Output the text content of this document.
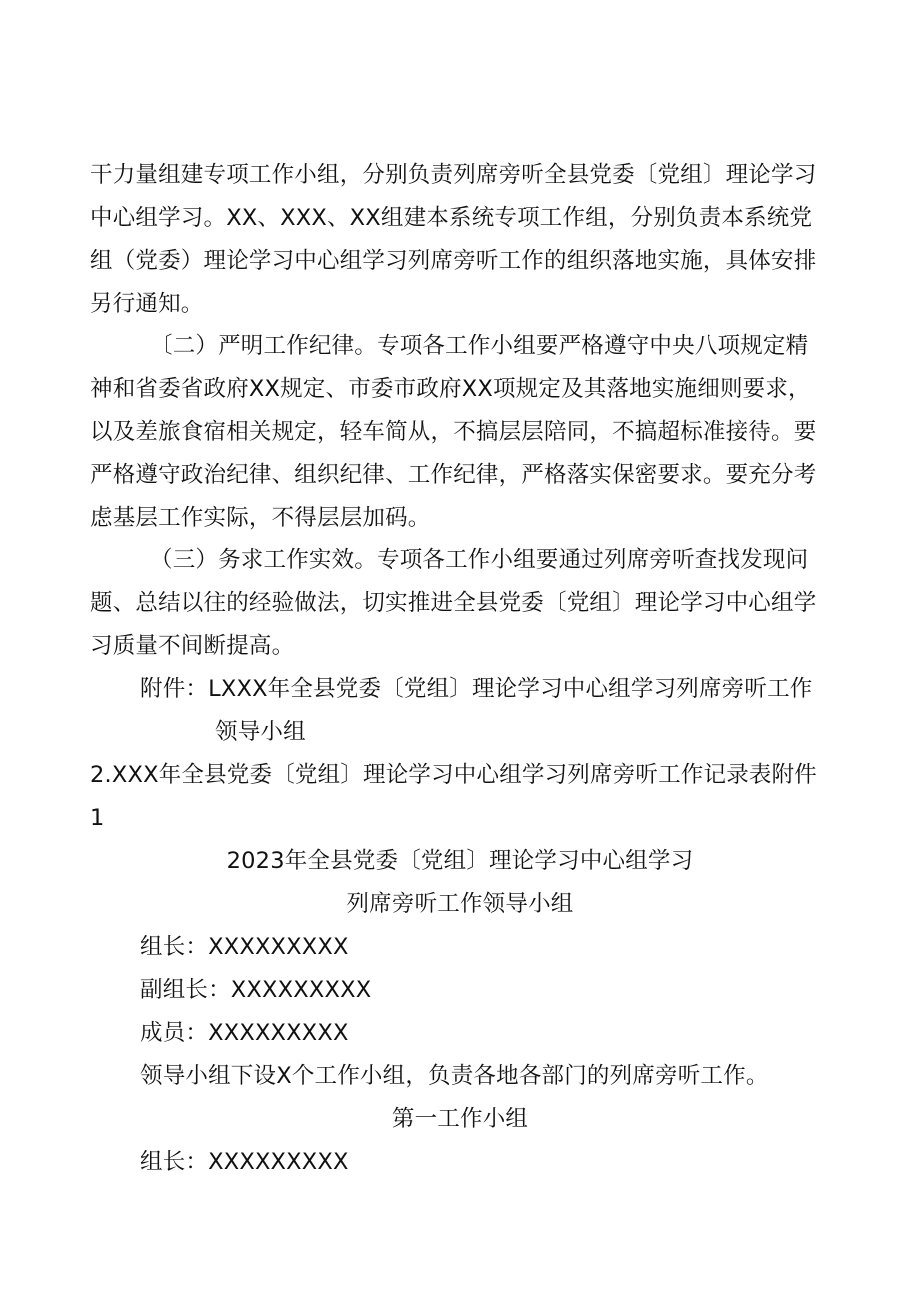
干力量组建专项工作小组，分别负责列席旁听全县党委〔党组〕理论学习
中心组学习。XX、XXX、XX组建本系统专项工作组，分别负责本系统党
组（党委）理论学习中心组学习列席旁听工作的组织落地实施，具体安排
另行通知。
〔二）严明工作纪律。专项各工作小组要严格遵守中央八项规定精
神和省委省政府XX规定、市委市政府XX项规定及其落地实施细则要求，
以及差旅食宿相关规定，轻车简从，不搞层层陪同，不搞超标准接待。要
严格遵守政治纪律、组织纪律、工作纪律，严格落实保密要求。要充分考
虑基层工作实际，不得层层加码。
（三）务求工作实效。专项各工作小组要通过列席旁听查找发现问
题、总结以往的经验做法，切实推进全县党委〔党组〕理论学习中心组学
习质量不间断提高。
附件：LXXX年全县党委〔党组〕理论学习中心组学习列席旁听工作
领导小组
2.XXX年全县党委〔党组〕理论学习中心组学习列席旁听工作记录表附件
1
2023年全县党委〔党组〕理论学习中心组学习
列席旁听工作领导小组
组长：XXXXXXXXX
副组长：XXXXXXXXX
成员：XXXXXXXXX
领导小组下设X个工作小组，负责各地各部门的列席旁听工作。
第一工作小组
组长：XXXXXXXXX
